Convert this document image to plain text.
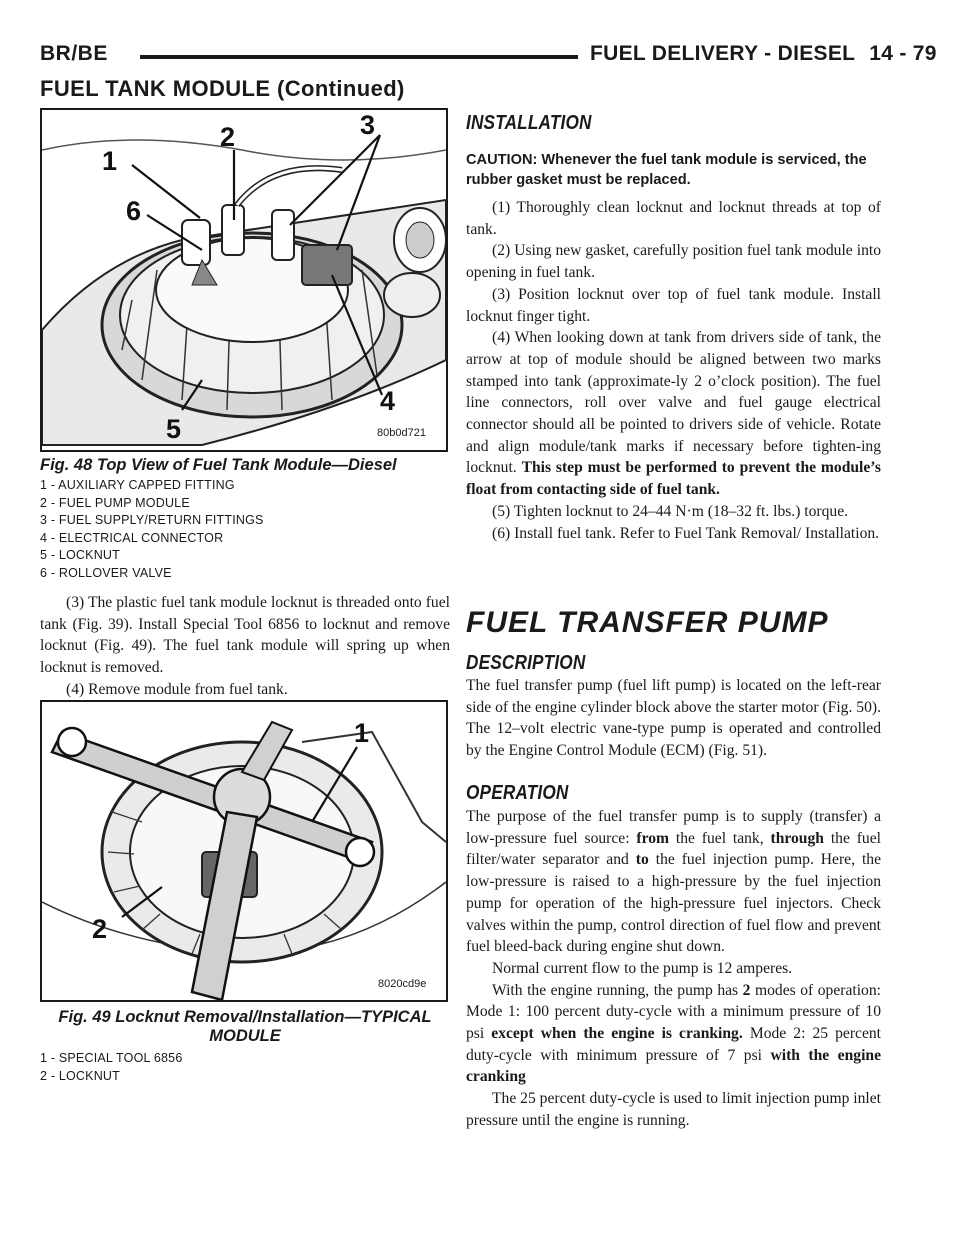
BR/BE	FUEL DELIVERY - DIESEL 14 - 79
FUEL TANK MODULE (Continued)
1
2	3
4
5
6
80b0d721
Fig. 48 Top View of Fuel Tank Module—Diesel
1 - AUXILIARY CAPPED FITTING
2 - FUEL PUMP MODULE
3 - FUEL SUPPLY/RETURN FITTINGS
4 - ELECTRICAL CONNECTOR
5 - LOCKNUT
6 - ROLLOVER VALVE

(3) The plastic fuel tank module locknut is threaded onto fuel tank (Fig. 39). Install Special Tool 6856 to locknut and remove locknut (Fig. 49). The fuel tank module will spring up when locknut is removed.

(4) Remove module from fuel tank.

1
2
8020cd9e
Fig. 49 Locknut Removal/Installation—TYPICAL
MODULE
1 - SPECIAL TOOL 6856
2 - LOCKNUT
INSTALLATION
CAUTION: Whenever the fuel tank module is serviced, the rubber gasket must be replaced.

(1) Thoroughly clean locknut and locknut threads at top of tank.

(2) Using new gasket, carefully position fuel tank module into opening in fuel tank.

(3) Position locknut over top of fuel tank module. Install locknut finger tight.

(4) When looking down at tank from drivers side of tank, the arrow at top of module should be aligned between two marks stamped into tank (approximate-ly 2 o’clock position). The fuel line connectors, roll over valve and fuel gauge electrical connector should all be pointed to drivers side of vehicle. Rotate and align module/tank marks if necessary before tighten-ing locknut. This step must be performed to prevent the module’s float from contacting side of fuel tank.

(5) Tighten locknut to 24–44 N·m (18–32 ft. lbs.) torque.

(6) Install fuel tank. Refer to Fuel Tank Removal/ Installation.

FUEL TRANSFER PUMP
DESCRIPTION

The fuel transfer pump (fuel lift pump) is located on the left-rear side of the engine cylinder block above the starter motor (Fig. 50). The 12–volt electric vane-type pump is operated and controlled by the Engine Control Module (ECM) (Fig. 51).

OPERATION

The purpose of the fuel transfer pump is to supply (transfer) a low-pressure fuel source: from the fuel tank, through the fuel filter/water separator and to the fuel injection pump. Here, the low-pressure is raised to a high-pressure by the fuel injection pump for operation of the high-pressure fuel injectors. Check valves within the pump, control direction of fuel flow and prevent fuel bleed-back during engine shut down.

Normal current flow to the pump is 12 amperes.

With the engine running, the pump has 2 modes of operation: Mode 1: 100 percent duty-cycle with a minimum pressure of 10 psi except when the engine is cranking. Mode 2: 25 percent duty-cycle with minimum pressure of 7 psi with the engine cranking

The 25 percent duty-cycle is used to limit injection pump inlet pressure until the engine is running.
